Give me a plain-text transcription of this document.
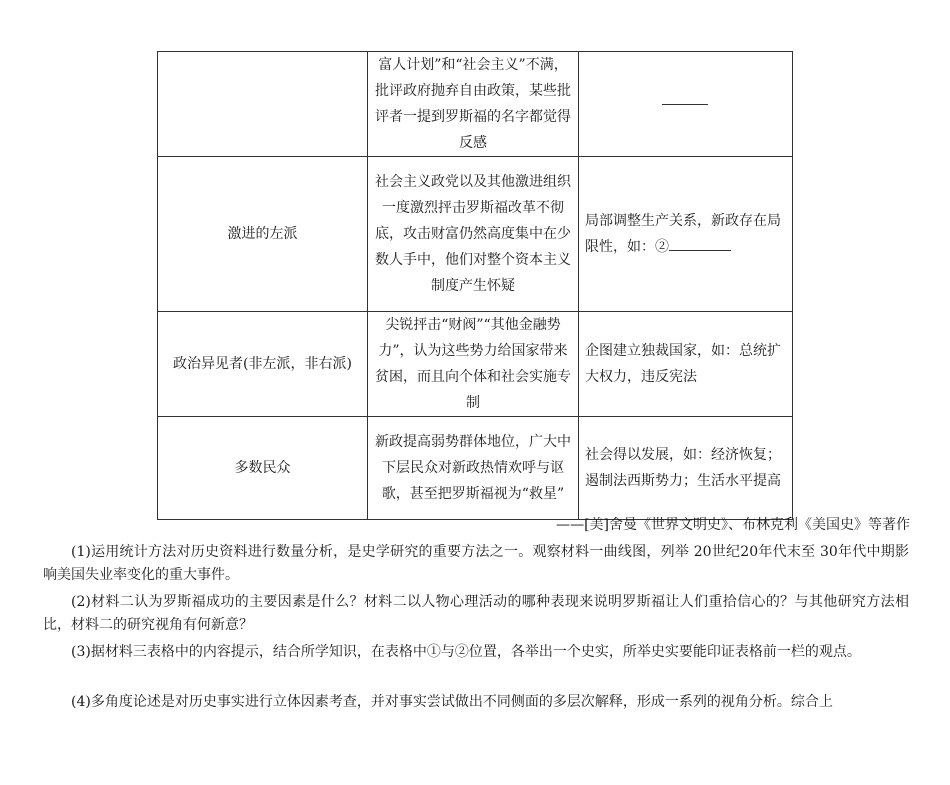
	富人计划”和“社会主义”不满，批评政府抛弃自由政策，某些批评者一提到罗斯福的名字都觉得反感	
激进的左派	社会主义政党以及其他激进组织一度激烈抨击罗斯福改革不彻底，攻击财富仍然高度集中在少数人手中，他们对整个资本主义制度产生怀疑	局部调整生产关系，新政存在局限性，如：②
政治异见者(非左派，非右派)	尖锐抨击“财阀”“其他金融势力”，认为这些势力给国家带来贫困，而且向个体和社会实施专制	企图建立独裁国家，如：总统扩大权力，违反宪法
多数民众	新政提高弱势群体地位，广大中下层民众对新政热情欢呼与讴歌，甚至把罗斯福视为“救星”	社会得以发展，如：经济恢复；遏制法西斯势力；生活水平提高
——[美]舍曼《世界文明史》、布林克利《美国史》等著作

(1)运用统计方法对历史资料进行数量分析，是史学研究的重要方法之一。观察材料一曲线图，列举 20世纪20年代末至 30年代中期影响美国失业率变化的重大事件。

(2)材料二认为罗斯福成功的主要因素是什么？材料二以人物心理活动的哪种表现来说明罗斯福让人们重拾信心的？与其他研究方法相比，材料二的研究视角有何新意？

(3)据材料三表格中的内容提示，结合所学知识，在表格中①与②位置，各举出一个史实，所举史实要能印证表格前一栏的观点。

(4)多角度论述是对历史事实进行立体因素考查，并对事实尝试做出不同侧面的多层次解释，形成一系列的视角分析。综合上
